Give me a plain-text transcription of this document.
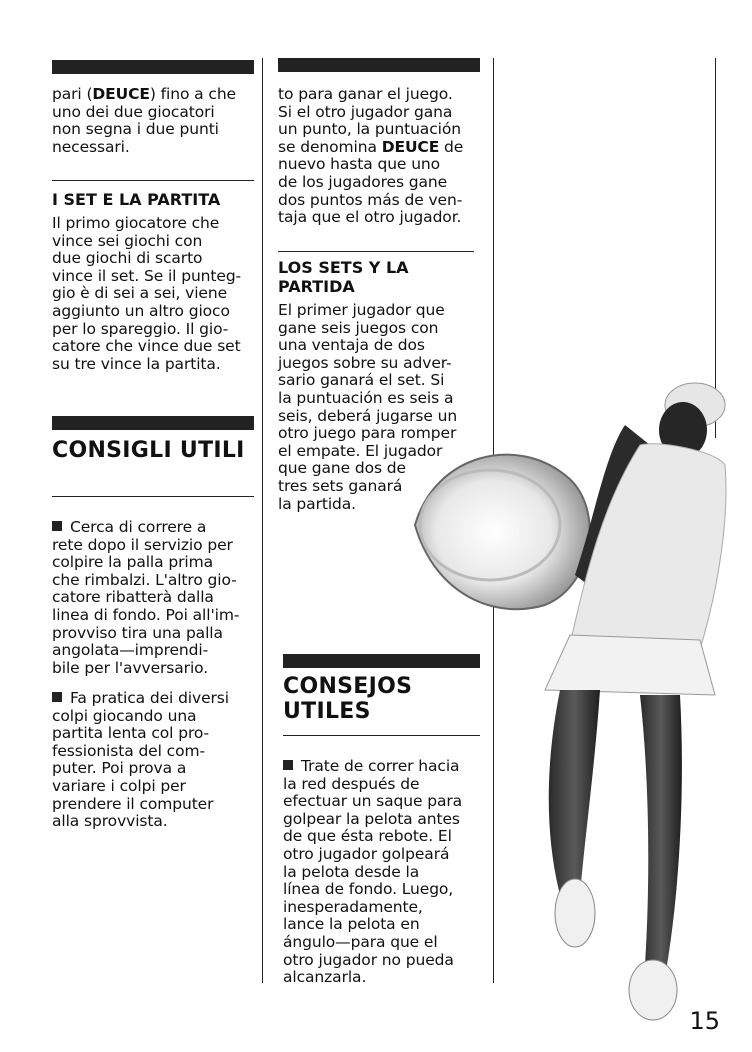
pari (DEUCE) fino a che
uno dei due giocatori
non segna i due punti
necessari.
I SET E LA PARTITA
Il primo giocatore che
vince sei giochi con
due giochi di scarto
vince il set. Se il punteg-
gio è di sei a sei, viene
aggiunto un altro gioco
per lo spareggio. Il gio-
catore che vince due set
su tre vince la partita.
CONSIGLI UTILI
Cerca di correre a
rete dopo il servizio per
colpire la palla prima
che rimbalzi. L'altro gio-
catore ribatterà dalla
linea di fondo. Poi all'im-
provviso tira una palla
angolata—imprendi-
bile per l'avversario.
Fa pratica dei diversi
colpi giocando una
partita lenta col pro-
fessionista del com-
puter. Poi prova a
variare i colpi per
prendere il computer
alla sprovvista.
to para ganar el juego.
Si el otro jugador gana
un punto, la puntuación
se denomina DEUCE de
nuevo hasta que uno
de los jugadores gane
dos puntos más de ven-
taja que el otro jugador.
LOS SETS Y LA
PARTIDA
El primer jugador que
gane seis juegos con
una ventaja de dos
juegos sobre su adver-
sario ganará el set. Si
la puntuación es seis a
seis, deberá jugarse un
otro juego para romper
el empate. El jugador
que gane dos de
tres sets ganará
la partida.
CONSEJOS
UTILES
Trate de correr hacia
la red después de
efectuar un saque para
golpear la pelota antes
de que ésta rebote. El
otro jugador golpeará
la pelota desde la
línea de fondo. Luego,
inesperadamente,
lance la pelota en
ángulo—para que el
otro jugador no pueda
alcanzarla.
15
